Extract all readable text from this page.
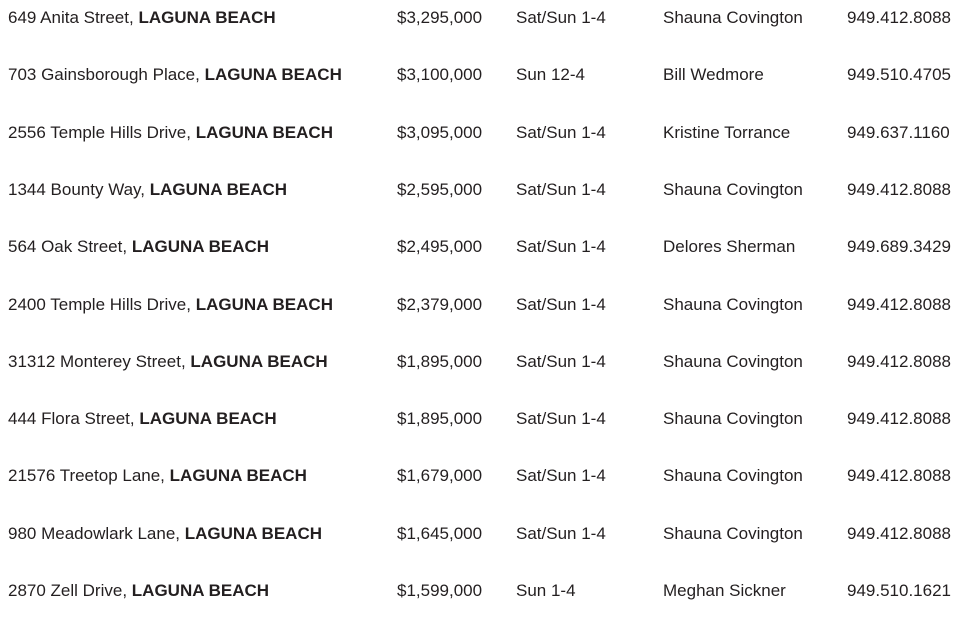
649 Anita Street, LAGUNA BEACH	$3,295,000 Sat/Sun 1-4	Shauna Covington	949.412.8088
703 Gainsborough Place, LAGUNA BEACH	$3,100,000 Sun 12-4	Bill Wedmore	949.510.4705
2556 Temple Hills Drive, LAGUNA BEACH	$3,095,000 Sat/Sun 1-4	Kristine Torrance	949.637.1160
1344 Bounty Way, LAGUNA BEACH	$2,595,000 Sat/Sun 1-4	Shauna Covington	949.412.8088
564 Oak Street, LAGUNA BEACH	$2,495,000 Sat/Sun 1-4	Delores Sherman	949.689.3429
2400 Temple Hills Drive, LAGUNA BEACH	$2,379,000 Sat/Sun 1-4	Shauna Covington	949.412.8088
31312 Monterey Street, LAGUNA BEACH	$1,895,000 Sat/Sun 1-4	Shauna Covington	949.412.8088
444 Flora Street, LAGUNA BEACH	$1,895,000 Sat/Sun 1-4	Shauna Covington	949.412.8088
21576 Treetop Lane, LAGUNA BEACH	$1,679,000 Sat/Sun 1-4	Shauna Covington	949.412.8088
980 Meadowlark Lane, LAGUNA BEACH	$1,645,000 Sat/Sun 1-4	Shauna Covington	949.412.8088
2870 Zell Drive, LAGUNA BEACH	$1,599,000 Sun 1-4	Meghan Sickner	949.510.1621
